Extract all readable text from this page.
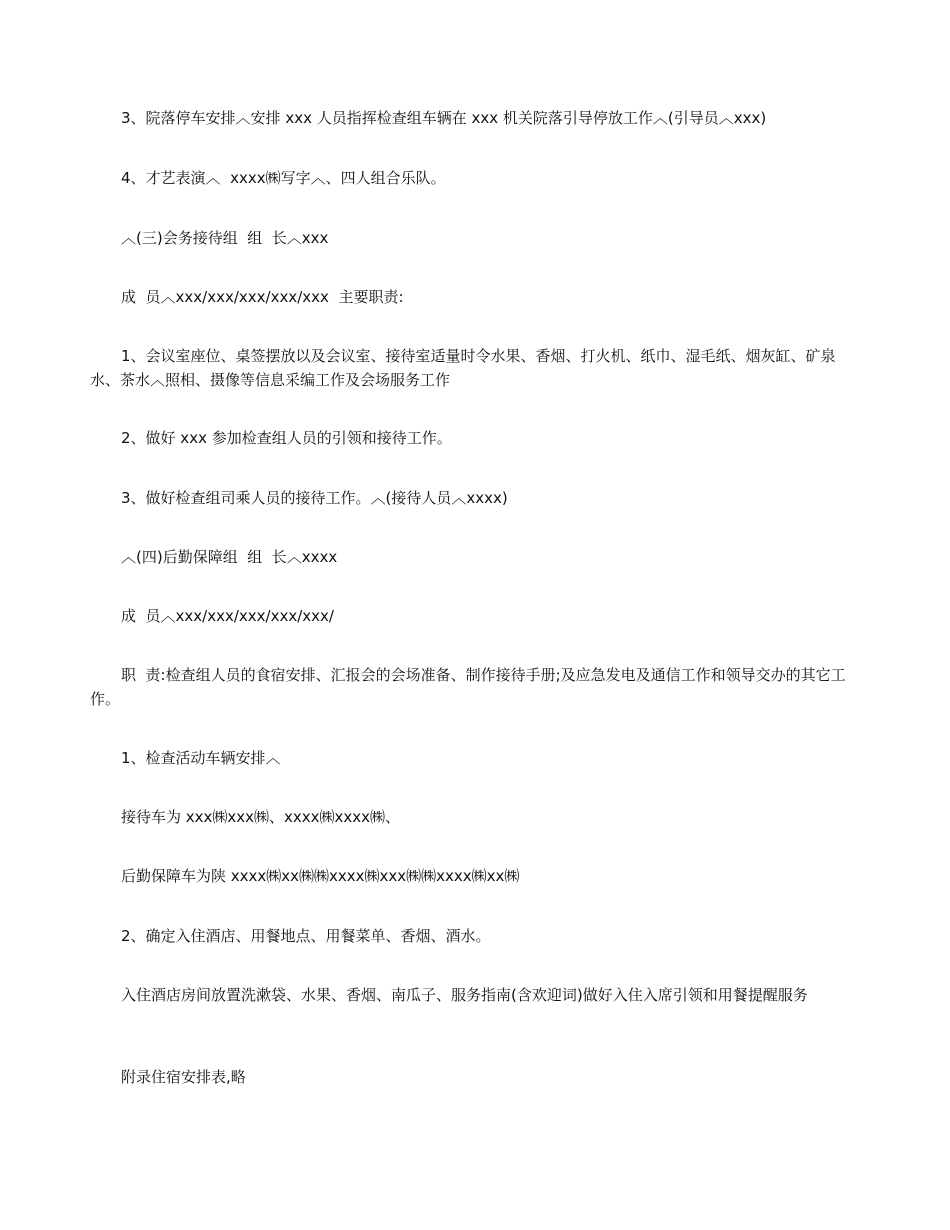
3、院落停车安排︿安排 xxx 人员指挥检查组车辆在 xxx 机关院落引导停放工作︿(引导员︿xxx)

4、才艺表演︿  xxxx㈱写字︿、四人组合乐队。

︿(三)会务接待组  组  长︿xxx

成  员︿xxx/xxx/xxx/xxx/xxx  主要职责:

1、会议室座位、桌签摆放以及会议室、接待室适量时令水果、香烟、打火机、纸巾、湿毛纸、烟灰缸、矿泉水、茶水︿照相、摄像等信息采编工作及会场服务工作

2、做好 xxx 参加检查组人员的引领和接待工作。

3、做好检查组司乘人员的接待工作。︿(接待人员︿xxxx)

︿(四)后勤保障组  组  长︿xxxx

成  员︿xxx/xxx/xxx/xxx/xxx/

职  责:检查组人员的食宿安排、汇报会的会场准备、制作接待手册;及应急发电及通信工作和领导交办的其它工作。

1、检查活动车辆安排︿

接待车为 xxx㈱xxx㈱、xxxx㈱xxxx㈱、

后勤保障车为陕 xxxx㈱xx㈱㈱xxxx㈱xxx㈱㈱xxxx㈱xx㈱

2、确定入住酒店、用餐地点、用餐菜单、香烟、酒水。

入住酒店房间放置洗漱袋、水果、香烟、南瓜子、服务指南(含欢迎词)做好入住入席引领和用餐提醒服务

附录住宿安排表,略
